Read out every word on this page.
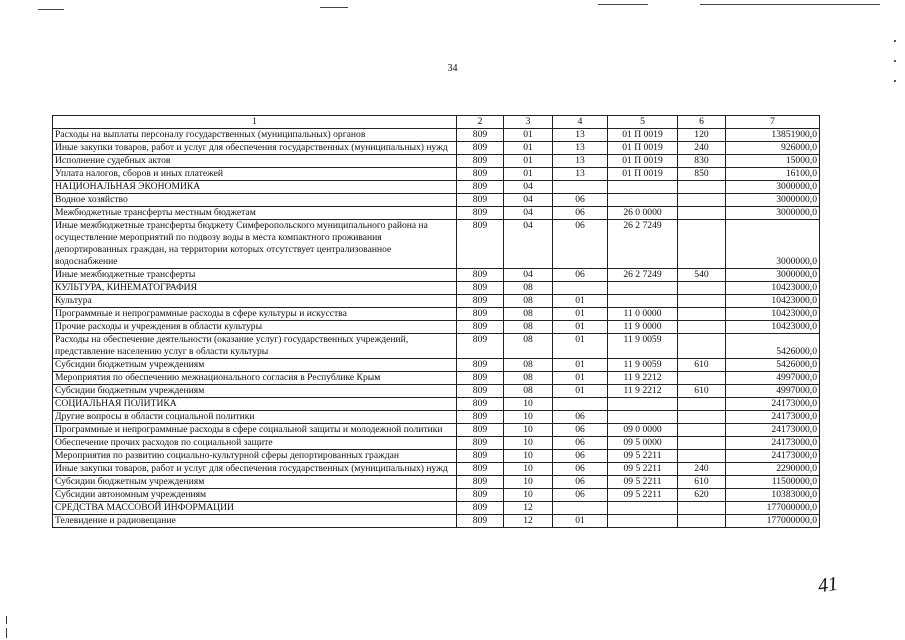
34
1	2	3	4	5	6	7
Расходы на выплаты персоналу государственных (муниципальных) органов	809	01	13	01 П 0019	120	13851900,0
Иные закупки товаров, работ и услуг для обеспечения государственных (муниципальных) нужд	809	01	13	01 П 0019	240	926000,0
Исполнение судебных актов	809	01	13	01 П 0019	830	15000,0
Уплата налогов, сборов и иных платежей	809	01	13	01 П 0019	850	16100,0
НАЦИОНАЛЬНАЯ ЭКОНОМИКА	809	04				3000000,0
Водное хозяйство	809	04	06			3000000,0
Межбюджетные трансферты местным бюджетам	809	04	06	26 0 0000		3000000,0
Иные межбюджетные трансферты бюджету Симферопольского муниципального района на осуществление мероприятий по подвозу воды в места компактного проживания депортированных граждан, на территории которых отсутствует централизованное водоснабжение	809	04	06	26 2 7249		3000000,0
Иные межбюджетные трансферты	809	04	06	26 2 7249	540	3000000,0
КУЛЬТУРА, КИНЕМАТОГРАФИЯ	809	08				10423000,0
Культура	809	08	01			10423000,0
Программные и непрограммные расходы в сфере культуры и искусства	809	08	01	11 0 0000		10423000,0
Прочие расходы и учреждения в области культуры	809	08	01	11 9 0000		10423000,0
Расходы на обеспечение деятельности (оказание услуг) государственных учреждений, представление населению услуг в области культуры	809	08	01	11 9 0059		5426000,0
Субсидии бюджетным учреждениям	809	08	01	11 9 0059	610	5426000,0
Мероприятия по обеспечению межнационального согласия в Республике Крым	809	08	01	11 9 2212		4997000,0
Субсидии бюджетным учреждениям	809	08	01	11 9 2212	610	4997000,0
СОЦИАЛЬНАЯ ПОЛИТИКА	809	10				24173000,0
Другие вопросы в области социальной политики	809	10	06			24173000,0
Программные и непрограммные расходы в сфере социальной защиты и молодежной политики	809	10	06	09 0 0000		24173000,0
Обеспечение прочих расходов по социальной защите	809	10	06	09 5 0000		24173000,0
Мероприятия по развитию социально-культурной сферы депортированных граждан	809	10	06	09 5 2211		24173000,0
Иные закупки товаров, работ и услуг для обеспечения государственных (муниципальных) нужд	809	10	06	09 5 2211	240	2290000,0
Субсидии бюджетным учреждениям	809	10	06	09 5 2211	610	11500000,0
Субсидии автономным учреждениям	809	10	06	09 5 2211	620	10383000,0
СРЕДСТВА МАССОВОЙ ИНФОРМАЦИИ	809	12				177000000,0
Телевидение и радиовещание	809	12	01			177000000,0
41
